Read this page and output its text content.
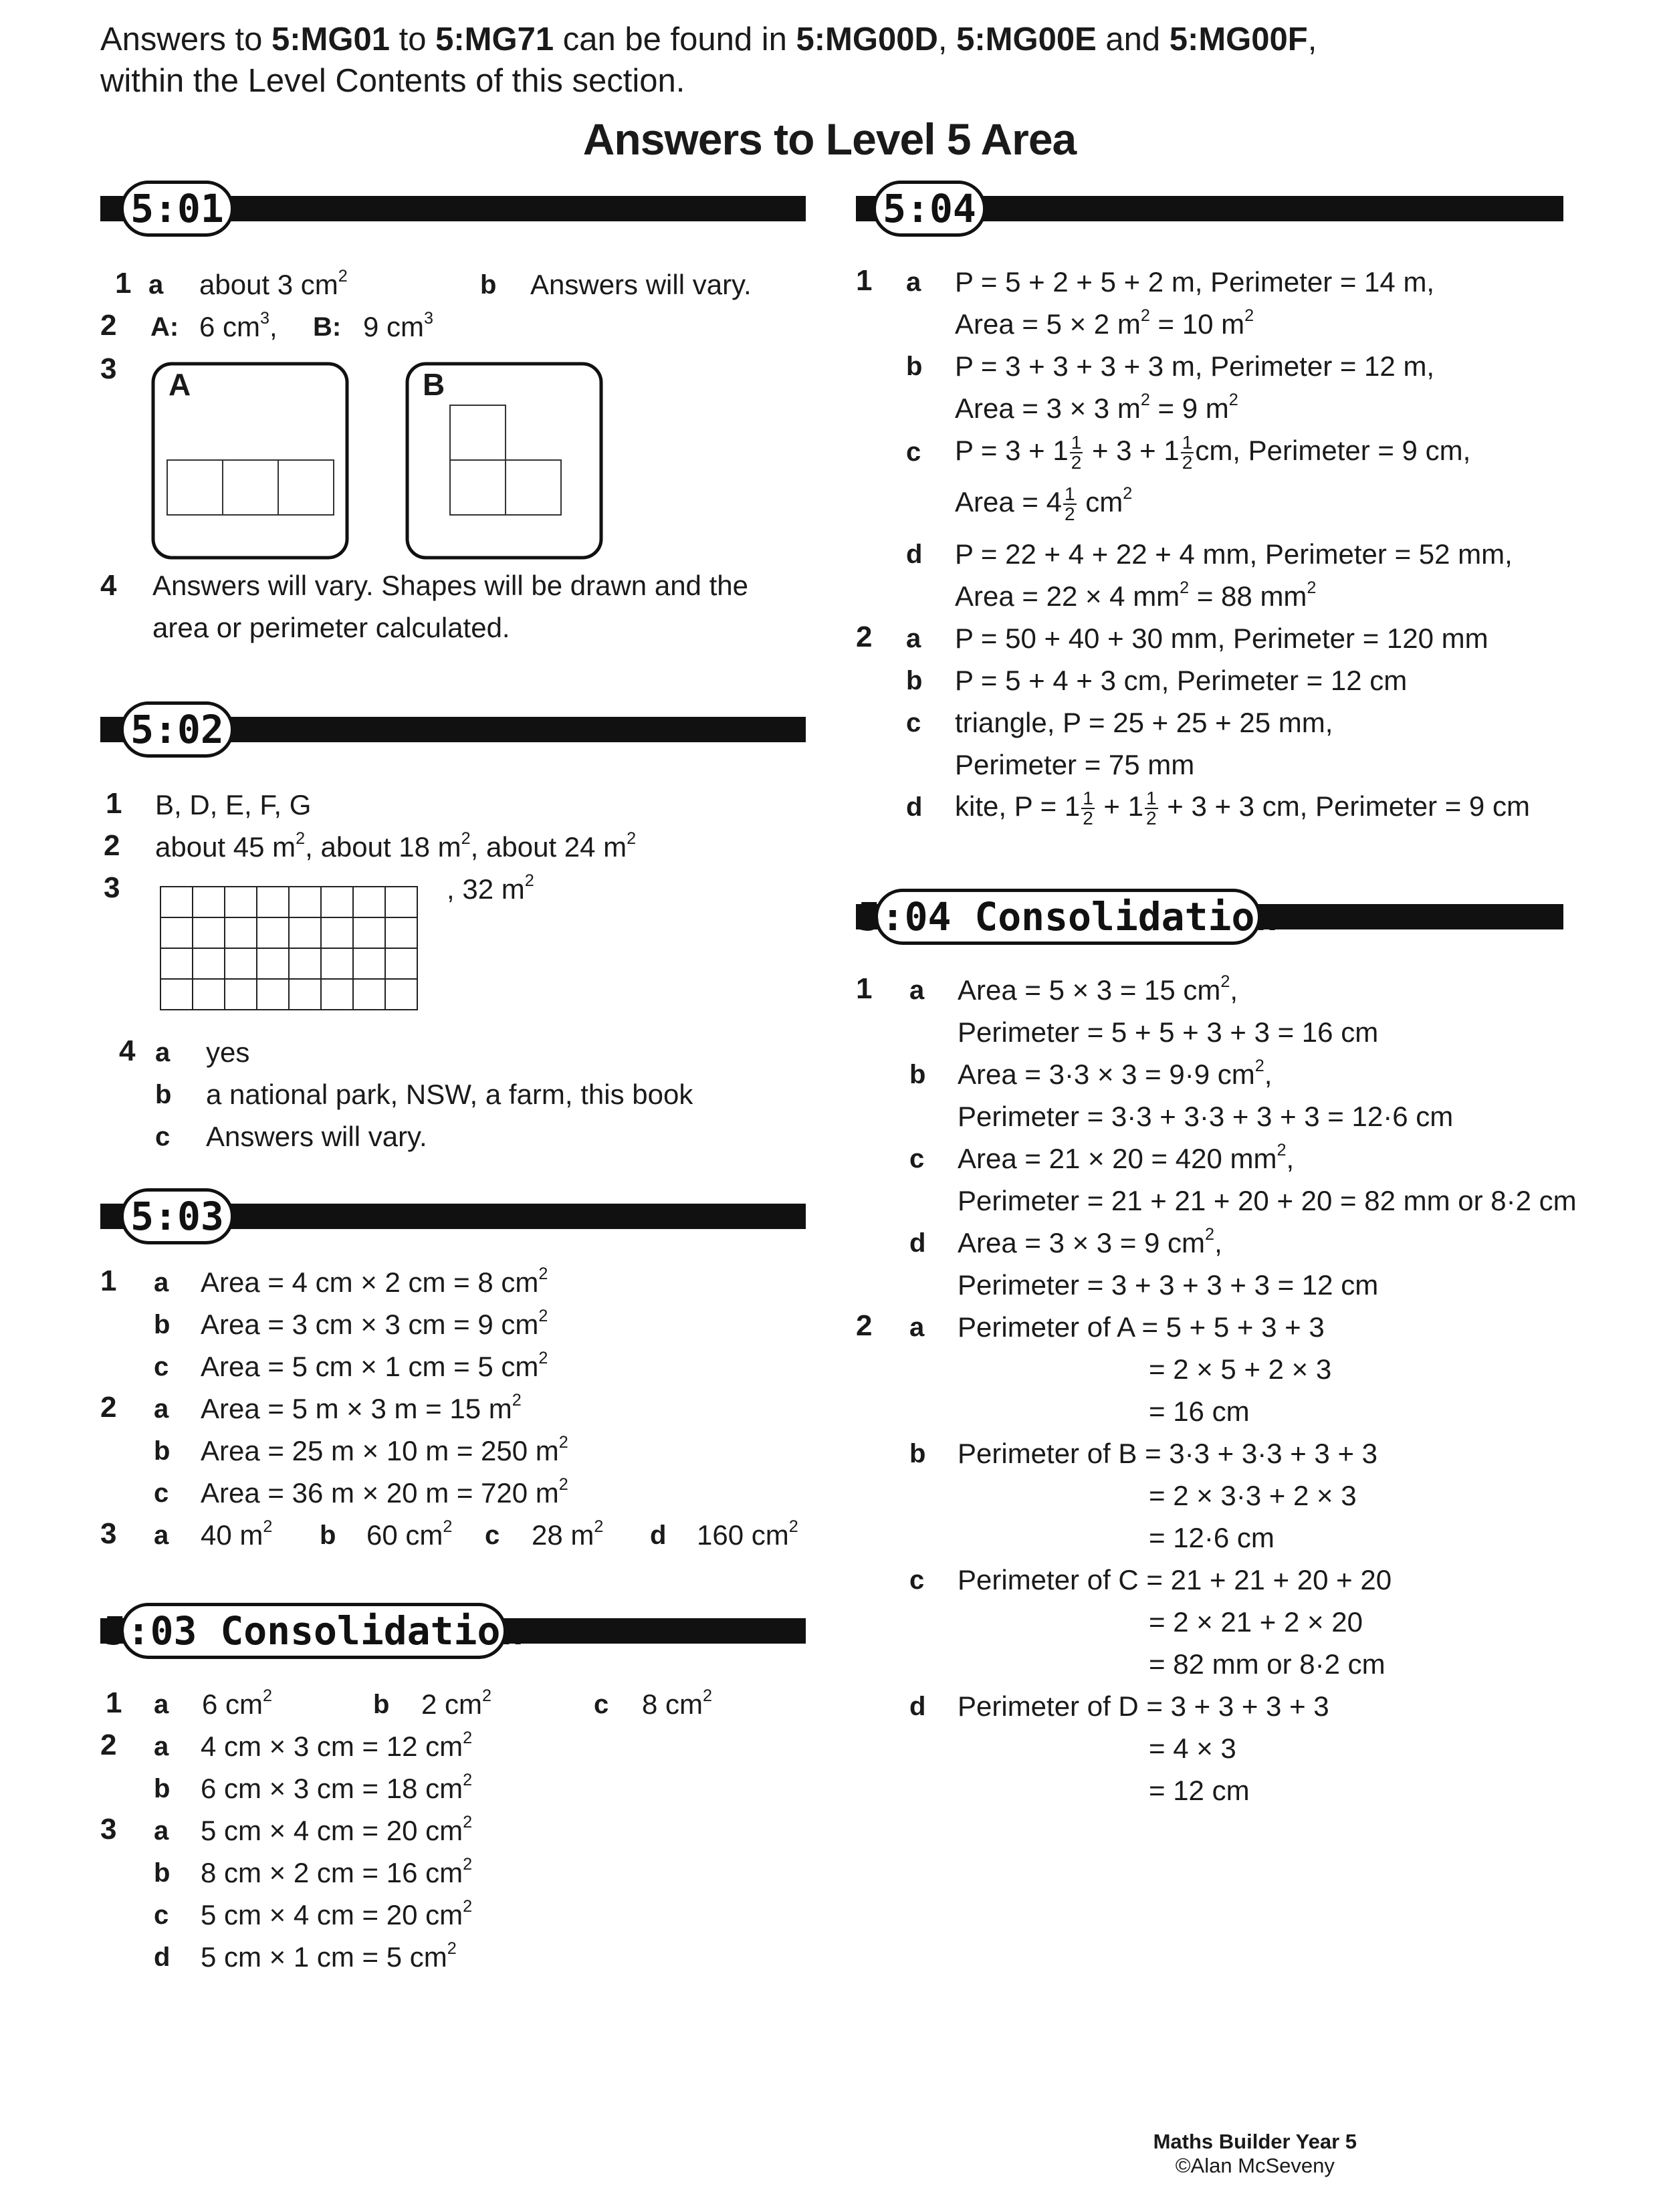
Answers to 5:MG01 to 5:MG71 can be found in 5:MG00D, 5:MG00E and 5:MG00F,
within the Level Contents of this section.
Answers to Level 5 Area
5:01
1 a about 3 $cm^2$	b Answers will vary.
2 A: 6 $cm^3$, B: 9 $cm^3$
3 A	B
4 Answers will vary. Shapes will be drawn and the
area or perimeter calculated.
5:02
1 B, D, E, F, G
2 about 45 $m^2$, about 18 $m^2$, about 24 $m^2$
3	, 32 $m^2$
4 a yes
b a national park, NSW, a farm, this book
c Answers will vary.
5:03
1 a Area = 4 cm × 2 cm = 8 $cm^2$
b Area = 3 cm × 3 cm = 9 $cm^2$
c Area = 5 cm × 1 cm = 5 $cm^2$
2 a Area = 5 m × 3 m = 15 $m^2$
b Area = 25 m × 10 m = 250 $m^2$
c Area = 36 m × 20 m = 720 $m^2$
3 a 40 $m^2$ b 60 $cm^2$ c 28 $m^2$ d 160 $cm^2$
5:03 Consolidation
1 a 6 $cm^2$	b 2 $cm^2$	c 8 $cm^2$
2 a 4 cm × 3 cm = 12 $cm^2$
b 6 cm × 3 cm = 18 $cm^2$
3 a 5 cm × 4 cm = 20 $cm^2$
b 8 cm × 2 cm = 16 $cm^2$
c 5 cm × 4 cm = 20 $cm^2$
d 5 cm × 1 cm = 5 $cm^2$
5:04
1 a P = 5 + 2 + 5 + 2 m, Perimeter = 14 m,
Area = 5 × 2 $m^2 = 10$ $m^2$
b P = 3 + 3 + 3 + 3 m, Perimeter = 12 m,
Area = 3 × 3 $m^2 = 9$ $m^2$
c $P = 3 + 1 \frac{1}{2} + 3 + 1 \frac{1}{2}$ cm, Perimeter = 9 cm,
Area = $4 \frac{1}{2} cm^2$
d P = 22 + 4 + 22 + 4 mm, Perimeter = 52 mm,
Area = 22 × 4 $mm^2 = 88$ $mm^2$
2 a P = 50 + 40 + 30 mm, Perimeter = 120 mm
b P = 5 + 4 + 3 cm, Perimeter = 12 cm
c triangle, P = 25 + 25 + 25 mm,
Perimeter = 75 mm
d kite, $P = 1 \frac{1}{2} + 1 \frac{1}{2} + 3 + 3$ cm, Perimeter = 9 cm
5:04 Consolidation
1 a Area = 5 × 3 = 15 $cm^2$,
Perimeter = 5 + 5 + 3 + 3 = 16 cm
b Area = 3·3 × 3 = 9·9 $cm^2$,
Perimeter = 3·3 + 3·3 + 3 + 3 = 12·6 cm
c Area = 21 × 20 = 420 $mm^2$,
Perimeter = 21 + 21 + 20 + 20 = 82 mm or 8·2 cm
d Area = 3 × 3 = 9 $cm^2$,
Perimeter = 3 + 3 + 3 + 3 = 12 cm
2 a Perimeter of A = 5 + 5 + 3 + 3
= 2 × 5 + 2 × 3
= 16 cm
b Perimeter of B = 3·3 + 3·3 + 3 + 3
= 2 × 3·3 + 2 × 3
= 12·6 cm
c Perimeter of C = 21 + 21 + 20 + 20
= 2 × 21 + 2 × 20
= 82 mm or 8·2 cm
d Perimeter of D = 3 + 3 + 3 + 3
= 4 × 3
= 12 cm
Maths Builder Year 5
©Alan McSeveny
